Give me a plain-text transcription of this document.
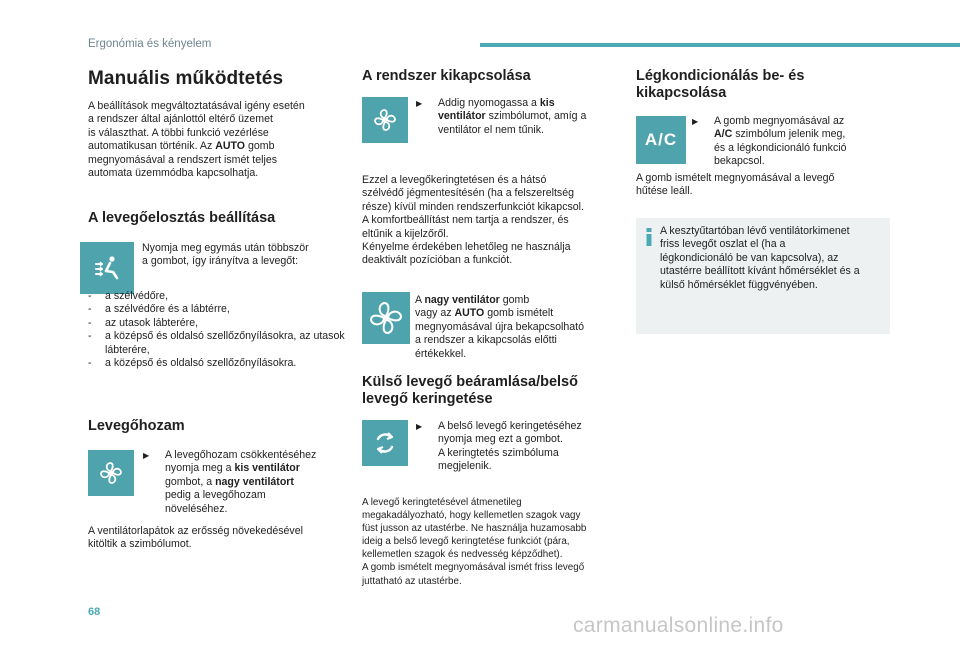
Ergonómia és kényelem
Manuális működtetés
A beállítások megváltoztatásával igény esetén
a rendszer által ajánlottól eltérő üzemet
is választhat. A többi funkció vezérlése
automatikusan történik. Az AUTO gomb
megnyomásával a rendszert ismét teljes
automata üzemmódba kapcsolhatja.
A levegőelosztás beállítása
Nyomja meg egymás után többször
a gombot, így irányítva a levegőt:
- a szélvédőre,
- a szélvédőre és a lábtérre,
- az utasok lábterére,
- a középső és oldalsó szellőzőnyílásokra, az utasok lábterére,
- a középső és oldalsó szellőzőnyílásokra.
Levegőhozam
▶︎	A levegőhozam csökkentéséhez
nyomja meg a kis ventilátor
gombot, a nagy ventilátort
pedig a levegőhozam
növeléséhez.
A ventilátorlapátok az erősség növekedésével
kitöltik a szimbólumot.
A rendszer kikapcsolása
▶︎	Addig nyomogassa a kis
ventilátor szimbólumot, amíg a
ventilátor el nem tűnik.
Ezzel a levegőkeringtetésen és a hátsó
szélvédő jégmentesítésén (ha a felszereltség
része) kívül minden rendszerfunkciót kikapcsol.
A komfortbeállítást nem tartja a rendszer, és
eltűnik a kijelzőről.
Kényelme érdekében lehetőleg ne használja
deaktivált pozícióban a funkciót.
A nagy ventilátor gomb
vagy az AUTO gomb ismételt
megnyomásával újra bekapcsolható
a rendszer a kikapcsolás előtti
értékekkel.
Külső levegő beáramlása/belső
levegő keringetése
▶︎	A belső levegő keringetéséhez
nyomja meg ezt a gombot.
A keringtetés szimbóluma
megjelenik.
A levegő keringtetésével átmenetileg
megakadályozható, hogy kellemetlen szagok vagy
füst jusson az utastérbe. Ne használja huzamosabb
ideig a belső levegő keringtetése funkciót (pára,
kellemetlen szagok és nedvesség képződhet).
A gomb ismételt megnyomásával ismét friss levegő
juttatható az utastérbe.
Légkondicionálás be- és
kikapcsolása
A/C
▶︎	A gomb megnyomásával az
A/C szimbólum jelenik meg,
és a légkondicionáló funkció
bekapcsol.
A gomb ismételt megnyomásával a levegő
hűtése leáll.
A kesztyűtartóban lévő ventilátorkimenet
friss levegőt oszlat el (ha a
légkondicionáló be van kapcsolva), az
utastérre beállított kívánt hőmérséklet és a
külső hőmérséklet függvényében.
68
carmanualsonline.info
